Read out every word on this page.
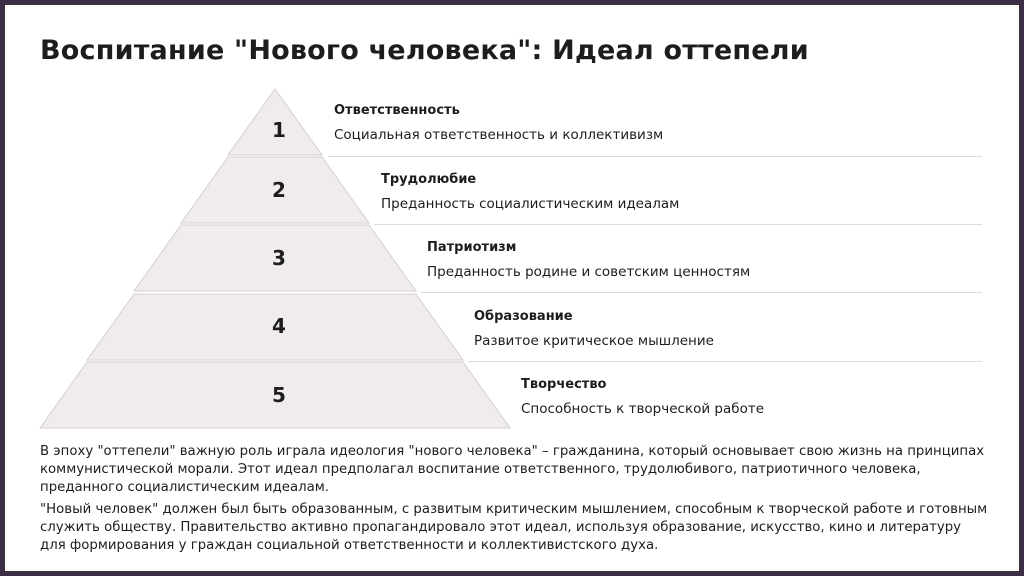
Воспитание "Нового человека": Идеал оттепели
1
2
3
4
5
Ответственность
Социальная ответственность и коллективизм
Трудолюбие
Преданность социалистическим идеалам
Патриотизм
Преданность родине и советским ценностям
Образование
Развитое критическое мышление
Творчество
Способность к творческой работе
В эпоху "оттепели" важную роль играла идеология "нового человека" – гражданина, который основывает свою жизнь на принципах коммунистической морали. Этот идеал предполагал воспитание ответственного, трудолюбивого, патриотичного человека, преданного социалистическим идеалам.
"Новый человек" должен был быть образованным, с развитым критическим мышлением, способным к творческой работе и готовным служить обществу. Правительство активно пропагандировало этот идеал, используя образование, искусство, кино и литературу для формирования у граждан социальной ответственности и коллективистского духа.
